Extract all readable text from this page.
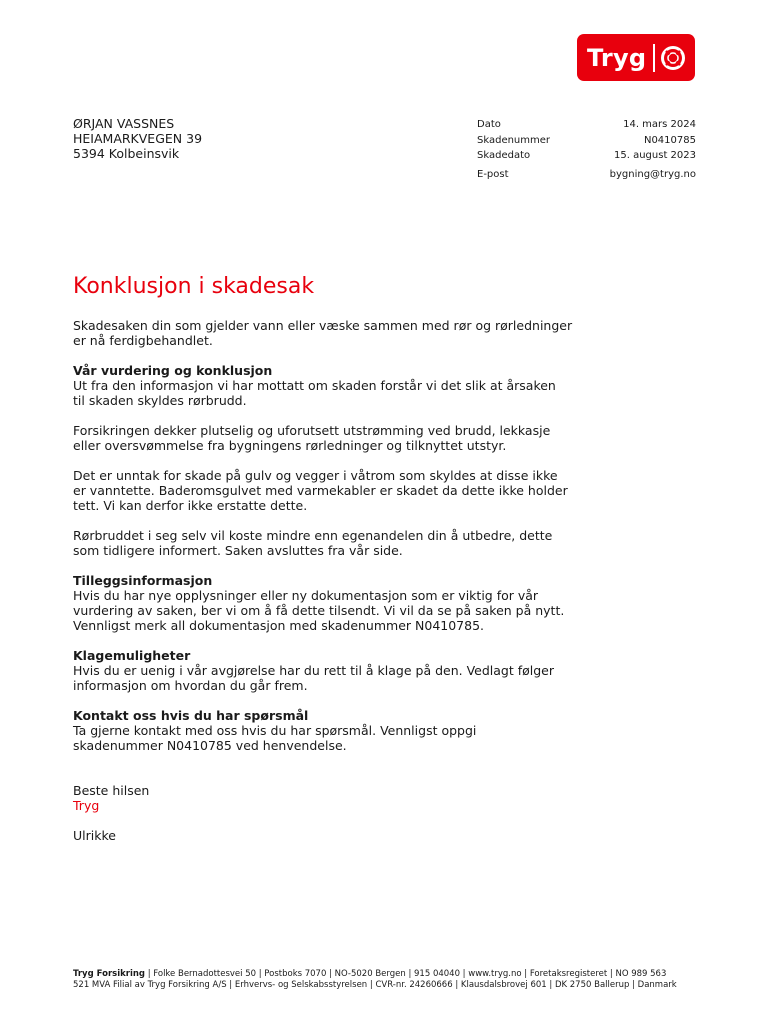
Tryg
ØRJAN VASSNES
HEIAMARKVEGEN 39
5394 Kolbeinsvik
Dato	14. mars 2024
Skadenummer	N0410785
Skadedato	15. august 2023
E-post	bygning@tryg.no
Konklusjon i skadesak

Skadesaken din som gjelder vann eller væske sammen med rør og rørledninger
er nå ferdigbehandlet.

Vår vurdering og konklusjon

Ut fra den informasjon vi har mottatt om skaden forstår vi det slik at årsaken
til skaden skyldes rørbrudd.

Forsikringen dekker plutselig og uforutsett utstrømming ved brudd, lekkasje
eller oversvømmelse fra bygningens rørledninger og tilknyttet utstyr.

Det er unntak for skade på gulv og vegger i våtrom som skyldes at disse ikke
er vanntette. Baderomsgulvet med varmekabler er skadet da dette ikke holder
tett. Vi kan derfor ikke erstatte dette.

Rørbruddet i seg selv vil koste mindre enn egenandelen din å utbedre, dette
som tidligere informert. Saken avsluttes fra vår side.

Tilleggsinformasjon

Hvis du har nye opplysninger eller ny dokumentasjon som er viktig for vår
vurdering av saken, ber vi om å få dette tilsendt. Vi vil da se på saken på nytt.
Vennligst merk all dokumentasjon med skadenummer N0410785.

Klagemuligheter

Hvis du er uenig i vår avgjørelse har du rett til å klage på den. Vedlagt følger
informasjon om hvordan du går frem.

Kontakt oss hvis du har spørsmål

Ta gjerne kontakt med oss hvis du har spørsmål. Vennligst oppgi
skadenummer N0410785 ved henvendelse.

Beste hilsen
Tryg
Ulrikke
Tryg Forsikring | Folke Bernadottesvei 50 | Postboks 7070 | NO-5020 Bergen | 915 04040 | www.tryg.no | Foretaksregisteret | NO 989 563
521 MVA Filial av Tryg Forsikring A/S | Erhvervs- og Selskabsstyrelsen | CVR-nr. 24260666 | Klausdalsbrovej 601 | DK 2750 Ballerup | Danmark
